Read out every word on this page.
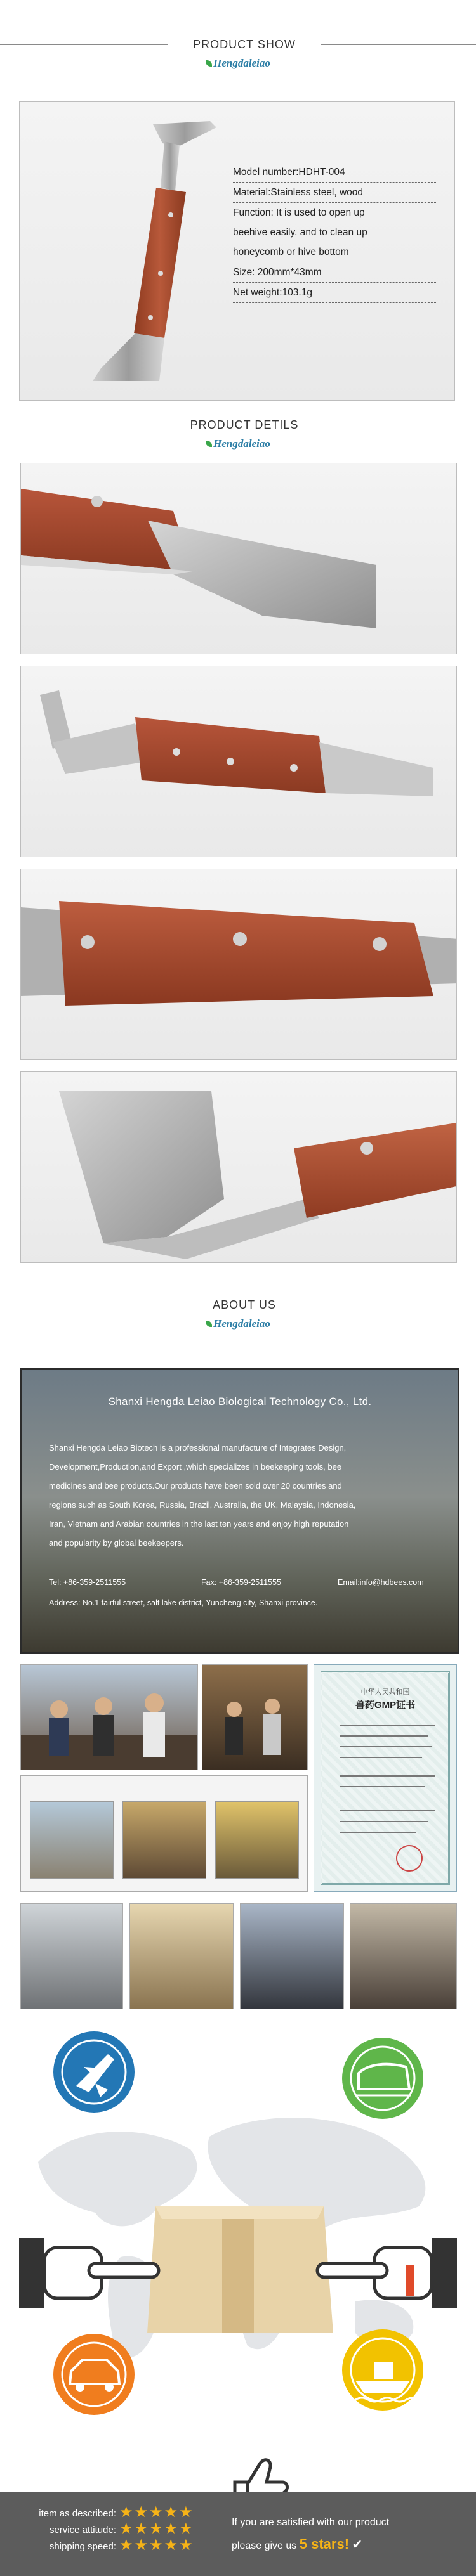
PRODUCT SHOW
Hengdaleiao
Model number:HDHT-004
Material:Stainless steel, wood
Function: It is used to open up
beehive easily, and to clean up
honeycomb or hive bottom
Size: 200mm*43mm
Net weight:103.1g
PRODUCT DETILS
Hengdaleiao
ABOUT US
Hengdaleiao
Shanxi Hengda Leiao Biological Technology Co., Ltd.
Shanxi Hengda Leiao Biotech is a professional manufacture of Integrates Design,
Development,Production,and Export ,which specializes in beekeeping tools, bee
medicines and bee products.Our products have been sold over 20 countries and
regions such as South Korea, Russia, Brazil, Australia, the UK, Malaysia, Indonesia,
Iran, Vietnam and Arabian countries in the last ten years and enjoy high reputation
and popularity by global beekeepers.
Tel: +86-359-2511555	Fax: +86-359-2511555	Email:info@hdbees.com
Address: No.1 fairful street, salt lake district, Yuncheng city, Shanxi province.
中华人民共和国
兽药GMP证书
item as described:
service attitude:
shipping speed:
★★★★★
★★★★★
★★★★★
If you are satisfied with our product
please give us 5 stars! ✔
